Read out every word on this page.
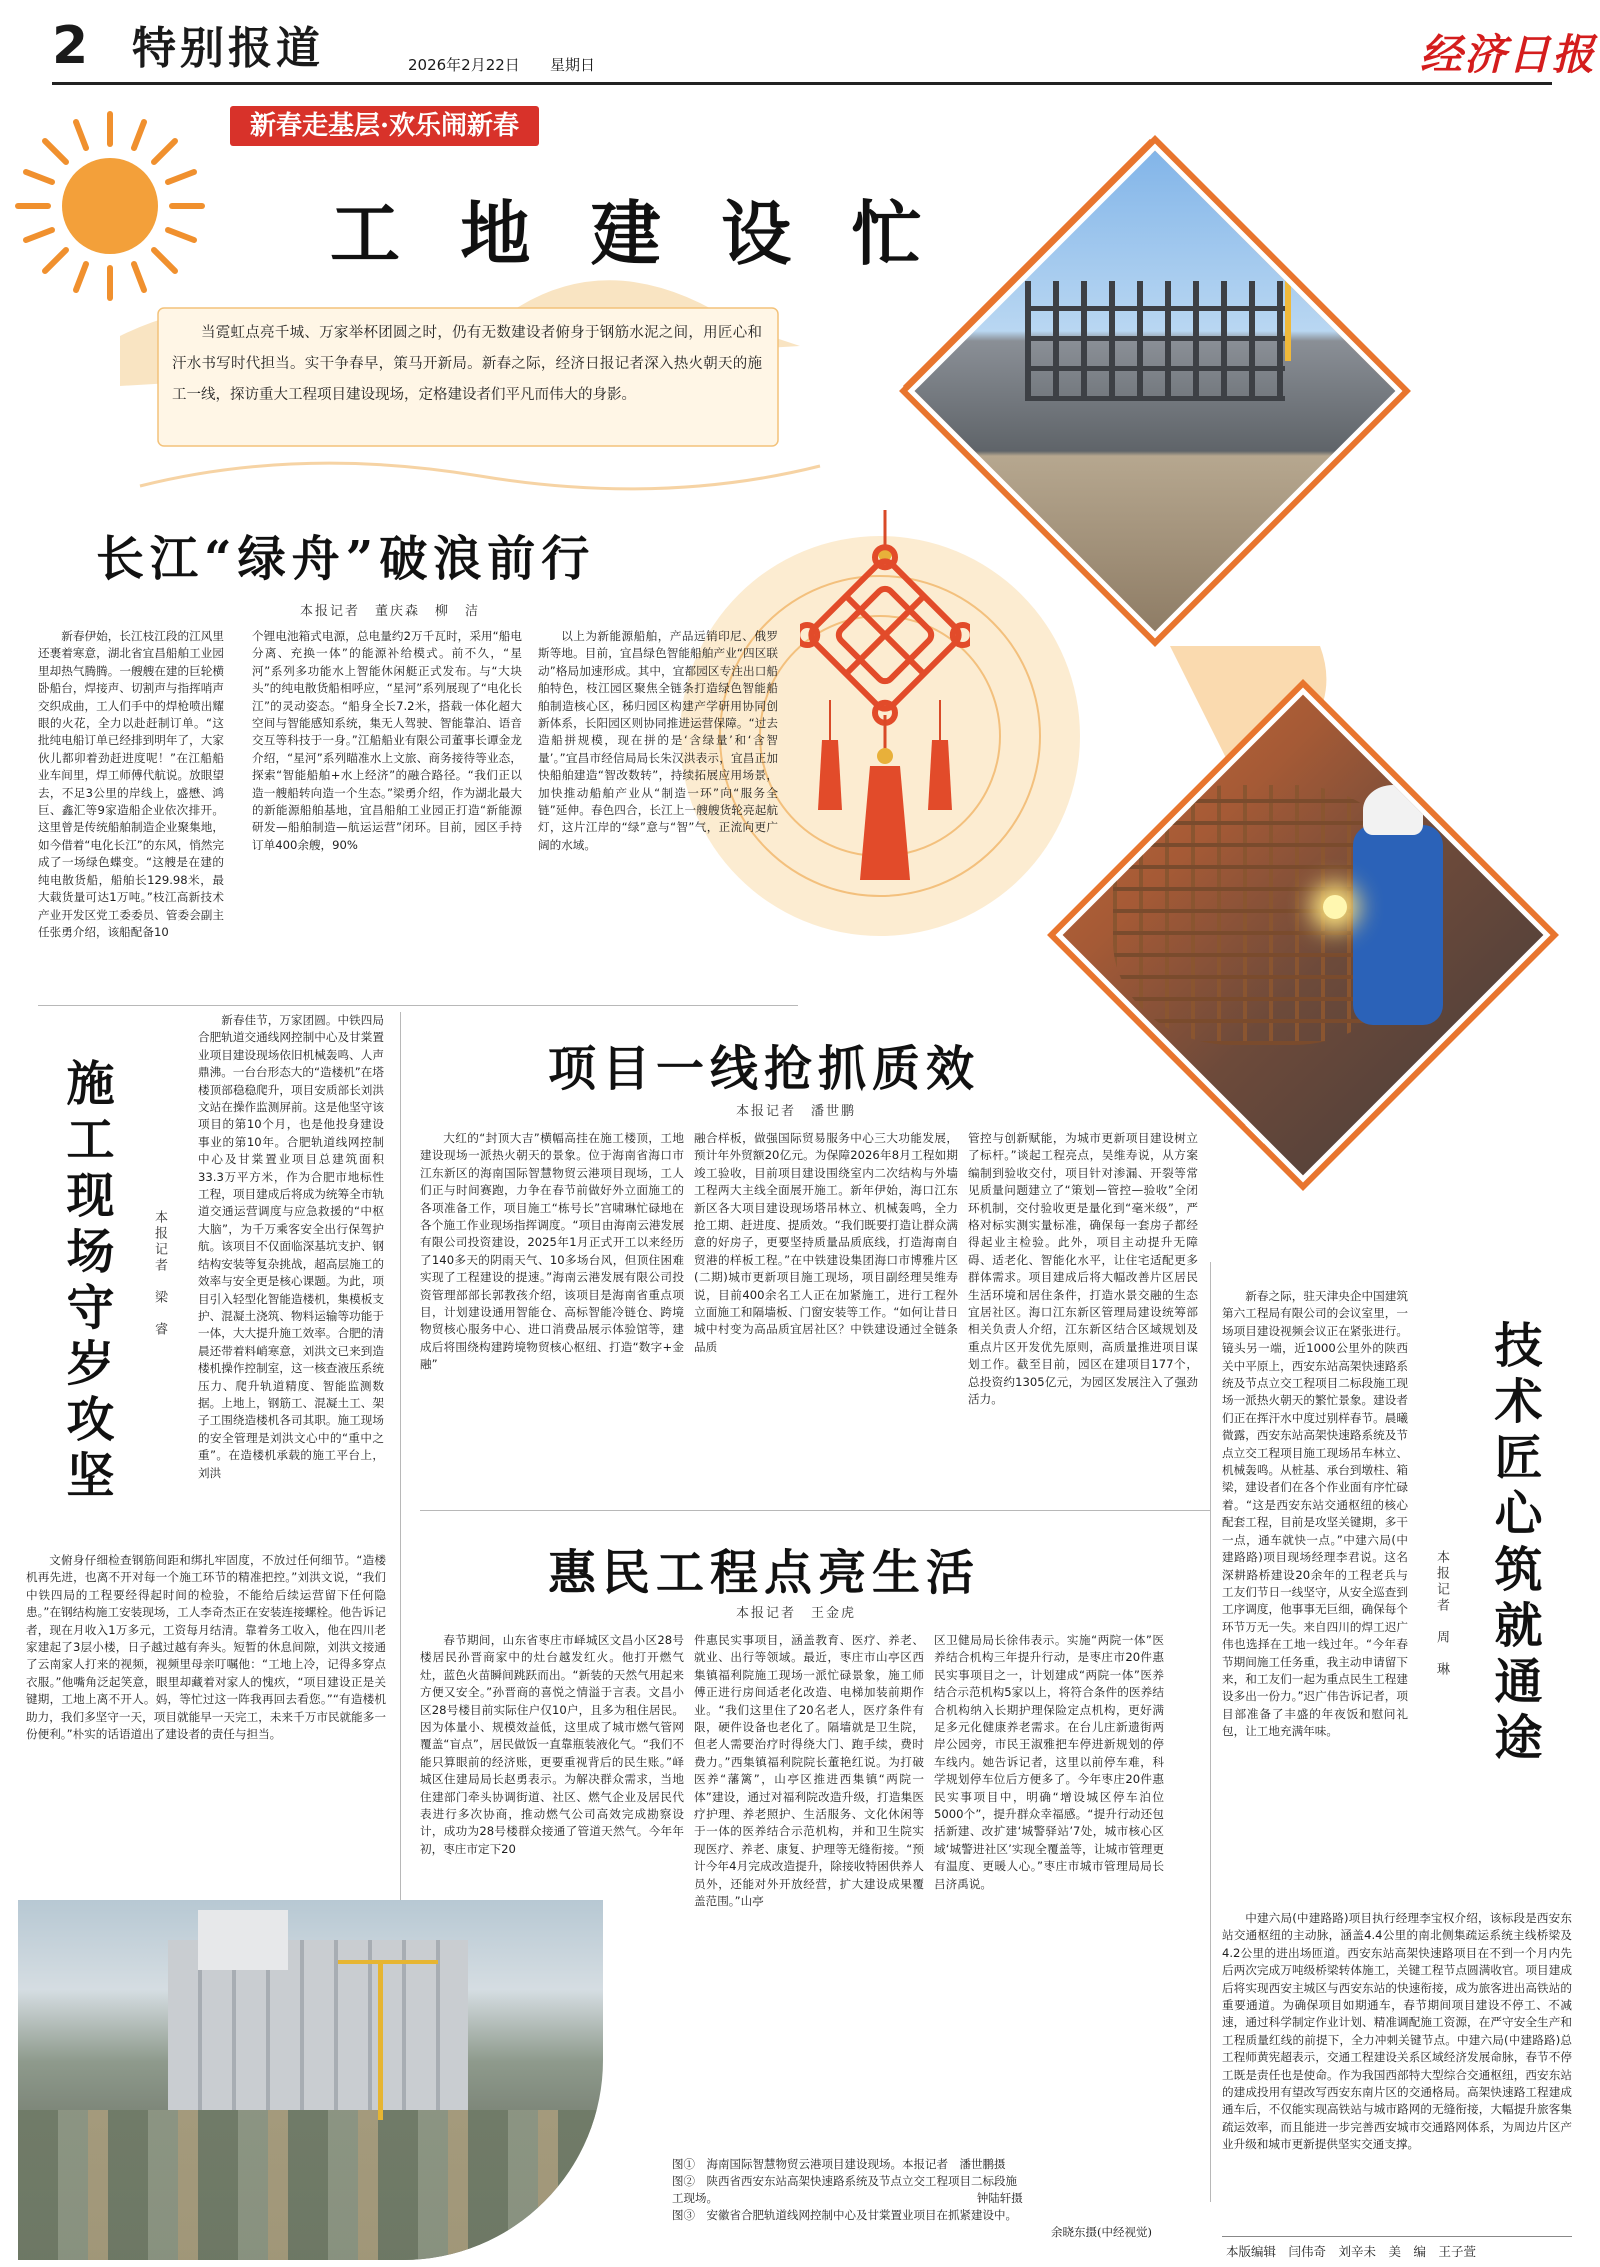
2 特别报道	2026年2月22日 星期日	经济日报
新春走基层·欢乐闹新春
工 地 建 设 忙
当霓虹点亮千城、万家举杯团圆之时，仍有无数建设者俯身于钢筋水泥之间，用匠心和汗水书写时代担当。实干争春早，策马开新局。新春之际，经济日报记者深入热火朝天的施工一线，探访重大工程项目建设现场，定格建设者们平凡而伟大的身影。
①
②
长江“绿舟”破浪前行
本报记者　董庆森　柳　洁
新春伊始，长江枝江段的江风里还裹着寒意，湖北省宜昌船舶工业园里却热气腾腾。一艘艘在建的巨轮横卧船台，焊接声、切割声与指挥哨声交织成曲，工人们手中的焊枪喷出耀眼的火花，全力以赴赶制订单。“这批纯电船订单已经排到明年了，大家伙儿都卯着劲赶进度呢！”在江船船业车间里，焊工师傅代航说。放眼望去，不足3公里的岸线上，盛懋、鸿巨、鑫汇等9家造船企业依次排开。这里曾是传统船舶制造企业聚集地，如今借着“电化长江”的东风，悄然完成了一场绿色蝶变。“这艘是在建的纯电散货船，船舶长129.98米，最大载货量可达1万吨。”枝江高新技术产业开发区党工委委员、管委会副主任张勇介绍，该船配备10
个锂电池箱式电源，总电量约2万千瓦时，采用“船电分离、充换一体”的能源补给模式。前不久，“星河”系列多功能水上智能休闲艇正式发布。与“大块头”的纯电散货船相呼应，“星河”系列展现了“电化长江”的灵动姿态。“船身全长7.2米，搭载一体化超大空间与智能感知系统，集无人驾驶、智能靠泊、语音交互等科技于一身。”江船船业有限公司董事长谭金龙介绍，“星河”系列瞄准水上文旅、商务接待等业态，探索“智能船舶+水上经济”的融合路径。“我们正以造一艘船转向造一个生态。”梁勇介绍，作为湖北最大的新能源船舶基地，宜昌船舶工业园正打造“新能源研发—船舶制造—航运运营”闭环。目前，园区手持订单400余艘，90%
以上为新能源船舶，产品远销印尼、俄罗斯等地。目前，宜昌绿色智能船舶产业“四区联动”格局加速形成。其中，宜都园区专注出口船舶特色，枝江园区聚焦全链条打造绿色智能船舶制造核心区，秭归园区构建产学研用协同创新体系，长阳园区则协同推进运营保障。“过去造船拼规模，现在拼的是‘含绿量’和‘含智量’。”宜昌市经信局局长朱汉洪表示，宜昌正加快船舶建造“智改数转”，持续拓展应用场景，加快推动船舶产业从“制造一环”向“服务全链”延伸。春色四合，长江上一艘艘货轮亮起航灯，这片江岸的“绿”意与“智”气，正流向更广阔的水域。
施工现场守岁攻坚	本报记者　梁　睿
新春佳节，万家团圆。中铁四局合肥轨道交通线网控制中心及甘棠置业项目建设现场依旧机械轰鸣、人声鼎沸。一台台形态大的“造楼机”在塔楼顶部稳稳爬升，项目安质部长刘洪文站在操作监测屏前。这是他坚守该项目的第10个月，也是他投身建设事业的第10年。合肥轨道线网控制中心及甘棠置业项目总建筑面积33.3万平方米，作为合肥市地标性工程，项目建成后将成为统筹全市轨道交通运营调度与应急救援的“中枢大脑”，为千万乘客安全出行保驾护航。该项目不仅面临深基坑支护、钢结构安装等复杂挑战，超高层施工的效率与安全更是核心课题。为此，项目引入轻型化智能造楼机，集模板支护、混凝土浇筑、物料运输等功能于一体，大大提升施工效率。合肥的清晨还带着料峭寒意，刘洪文已来到造楼机操作控制室，这一核查液压系统压力、爬升轨道精度、智能监测数据。上地上，钢筋工、混凝土工、架子工围绕造楼机各司其职。施工现场的安全管理是刘洪文心中的“重中之重”。在造楼机承载的施工平台上，刘洪
文俯身仔细检查钢筋间距和绑扎牢固度，不放过任何细节。“造楼机再先进，也离不开对每一个施工环节的精准把控。”刘洪文说，“我们中铁四局的工程要经得起时间的检验，不能给后续运营留下任何隐患。”在钢结构施工安装现场，工人李奇杰正在安装连接螺栓。他告诉记者，现在月收入1万多元，工资每月结清。靠着务工收入，他在四川老家建起了3层小楼，日子越过越有奔头。短暂的休息间隙，刘洪文接通了云南家人打来的视频，视频里母亲叮嘱他：“工地上冷，记得多穿点衣服。”他嘴角泛起笑意，眼里却藏着对家人的愧疚，“项目建设正是关键期，工地上离不开人。妈，等忙过这一阵我再回去看您。”“有造楼机助力，我们多坚守一天，项目就能早一天完工，未来千万市民就能多一份便利。”朴实的话语道出了建设者的责任与担当。
③
项目一线抢抓质效
本报记者　潘世鹏
大红的“封顶大吉”横幅高挂在施工楼顶，工地建设现场一派热火朝天的景象。位于海南省海口市江东新区的海南国际智慧物贸云港项目现场，工人们正与时间赛跑，力争在春节前做好外立面施工的各项准备工作，项目施工“栋号长”宫啸琳忙碌地在各个施工作业现场指挥调度。“项目由海南云港发展有限公司投资建设，2025年1月正式开工以来经历了140多天的阴雨天气、10多场台风，但顶住困难实现了工程建设的提速。”海南云港发展有限公司投资管理部部长郭教孩介绍，该项目是海南省重点项目，计划建设通用智能仓、高标智能冷链仓、跨境物贸核心服务中心、进口消费品展示体验馆等，建成后将围绕构建跨境物贸核心枢纽、打造“数字+金融”
融合样板，做强国际贸易服务中心三大功能发展，预计年外贸额20亿元。为保障2026年8月工程如期竣工验收，目前项目建设围绕室内二次结构与外墙工程两大主线全面展开施工。新年伊始，海口江东新区各大项目建设现场塔吊林立、机械轰鸣，全力抢工期、赶进度、提质效。“我们既要打造让群众满意的好房子，更要坚持质量品质底线，打造海南自贸港的样板工程。”在中铁建设集团海口市博雅片区(二期)城市更新项目施工现场，项目副经理吴维寿说，目前400余名工人正在加紧施工，进行工程外立面施工和隔墙板、门窗安装等工作。“如何让昔日城中村变为高品质宜居社区？中铁建设通过全链条品质
管控与创新赋能，为城市更新项目建设树立了标杆。”谈起工程亮点，吴维寿说，从方案编制到验收交付，项目针对渗漏、开裂等常见质量问题建立了“策划—管控—验收”全闭环机制，交付验收更是量化到“毫米级”，严格对标实测实量标准，确保每一套房子都经得起业主检验。此外，项目主动提升无障碍、适老化、智能化水平，让住宅适配更多群体需求。项目建成后将大幅改善片区居民生活环境和居住条件，打造水景交融的生态宜居社区。海口江东新区管理局建设统筹部相关负责人介绍，江东新区结合区域规划及重点片区开发优先原则，高质量推进项目谋划工作。截至目前，园区在建项目177个，总投资约1305亿元，为园区发展注入了强劲活力。
惠民工程点亮生活
本报记者　王金虎
春节期间，山东省枣庄市峄城区文昌小区28号楼居民孙晋商家中的灶台越发红火。他打开燃气灶，蓝色火苗瞬间跳跃而出。“新装的天然气用起来方便又安全。”孙晋商的喜悦之情溢于言表。文昌小区28号楼目前实际住户仅10户，且多为租住居民。因为体量小、规模效益低，这里成了城市燃气管网覆盖“盲点”，居民做饭一直靠瓶装液化气。“我们不能只算眼前的经济账，更要重视背后的民生账。”峄城区住建局局长赵勇表示。为解决群众需求，当地住建部门牵头协调街道、社区、燃气企业及居民代表进行多次协商，推动燃气公司高效完成勘察设计，成功为28号楼群众接通了管道天然气。今年年初，枣庄市定下20
件惠民实事项目，涵盖教育、医疗、养老、就业、出行等领域。最近，枣庄市山亭区西集镇福利院施工现场一派忙碌景象，施工师傅正进行房间适老化改造、电梯加装前期作业。“我们这里住了20名老人，医疗条件有限，硬件设备也老化了。隔墙就是卫生院，但老人需要治疗时得绕大门、跑手续，费时费力。”西集镇福利院院长董艳红说。为打破医养“藩篱”，山亭区推进西集镇“两院一体”建设，通过对福利院改造升级，打造集医疗护理、养老照护、生活服务、文化休闲等于一体的医养结合示范机构，并和卫生院实现医疗、养老、康复、护理等无缝衔接。“预计今年4月完成改造提升，除接收特困供养人员外，还能对外开放经营，扩大建设成果覆盖范围。”山亭
区卫健局局长徐伟表示。实施“两院一体”医养结合机构三年提升行动，是枣庄市20件惠民实事项目之一，计划建成“两院一体”医养结合示范机构5家以上，将符合条件的医养结合机构纳入长期护理保险定点机构，更好满足多元化健康养老需求。在台儿庄新遗街两岸公园旁，市民王淑雅把车停进新规划的停车线内。她告诉记者，这里以前停车难，科学规划停车位后方便多了。今年枣庄20件惠民实事项目中，明确“增设城区停车泊位5000个”，提升群众幸福感。“提升行动还包括新建、改扩建‘城警驿站’7处，城市核心区域‘城警进社区’实现全覆盖等，让城市管理更有温度、更暖人心。”枣庄市城市管理局局长吕济禹说。
图①　海南国际智慧物贸云港项目建设现场。本报记者　潘世鹏摄
图②　陕西省西安东站高架快速路系统及节点立交工程项目二标段施
工现场。　　　　　　　　　　　　　　　　　　　　　　　钟陆轩摄
图③　安徽省合肥轨道线网控制中心及甘棠置业项目在抓紧建设中。
余晓东摄(中经视觉)
新春之际，驻天津央企中国建筑第六工程局有限公司的会议室里，一场项目建设视频会议正在紧张进行。镜头另一端，近1000公里外的陕西关中平原上，西安东站高架快速路系统及节点立交工程项目二标段施工现场一派热火朝天的繁忙景象。建设者们正在挥汗水中度过别样春节。晨曦微露，西安东站高架快速路系统及节点立交工程项目施工现场吊车林立、机械轰鸣。从桩基、承台到墩柱、箱梁，建设者们在各个作业面有序忙碌着。“这是西安东站交通枢纽的核心配套工程，目前是攻坚关键期，多干一点，通车就快一点。”中建六局(中建路路)项目现场经理李君说。这名深耕路桥建设20余年的工程老兵与工友们节日一线坚守，从安全巡查到工序调度，他事事无巨细，确保每个环节万无一失。来自四川的焊工迟广伟也选择在工地一线过年。“今年春节期间施工任务重，我主动申请留下来，和工友们一起为重点民生工程建设多出一份力。”迟广伟告诉记者，项目部准备了丰盛的年夜饭和慰问礼包，让工地充满年味。
本报记者　周　琳 技术匠心筑就通途
中建六局(中建路路)项目执行经理李宝权介绍，该标段是西安东站交通枢纽的主动脉，涵盖4.4公里的南北侧集疏运系统主线桥梁及4.2公里的进出场匝道。西安东站高架快速路项目在不到一个月内先后两次完成万吨级桥梁转体施工，关键工程节点圆满收官。项目建成后将实现西安主城区与西安东站的快速衔接，成为旅客进出高铁站的重要通道。为确保项目如期通车，春节期间项目建设不停工、不减速，通过科学制定作业计划、精准调配施工资源，在严守安全生产和工程质量红线的前提下，全力冲刺关键节点。中建六局(中建路路)总工程师黄宪超表示，交通工程建设关系区域经济发展命脉，春节不停工既是责任也是使命。作为我国西部特大型综合交通枢纽，西安东站的建成投用有望改写西安东南片区的交通格局。高架快速路工程建成通车后，不仅能实现高铁站与城市路网的无缝衔接，大幅提升旅客集疏运效率，而且能进一步完善西安城市交通路网体系，为周边片区产业升级和城市更新提供坚实交通支撑。
本版编辑　闫伟奇　刘辛未　美　编　王子萱
